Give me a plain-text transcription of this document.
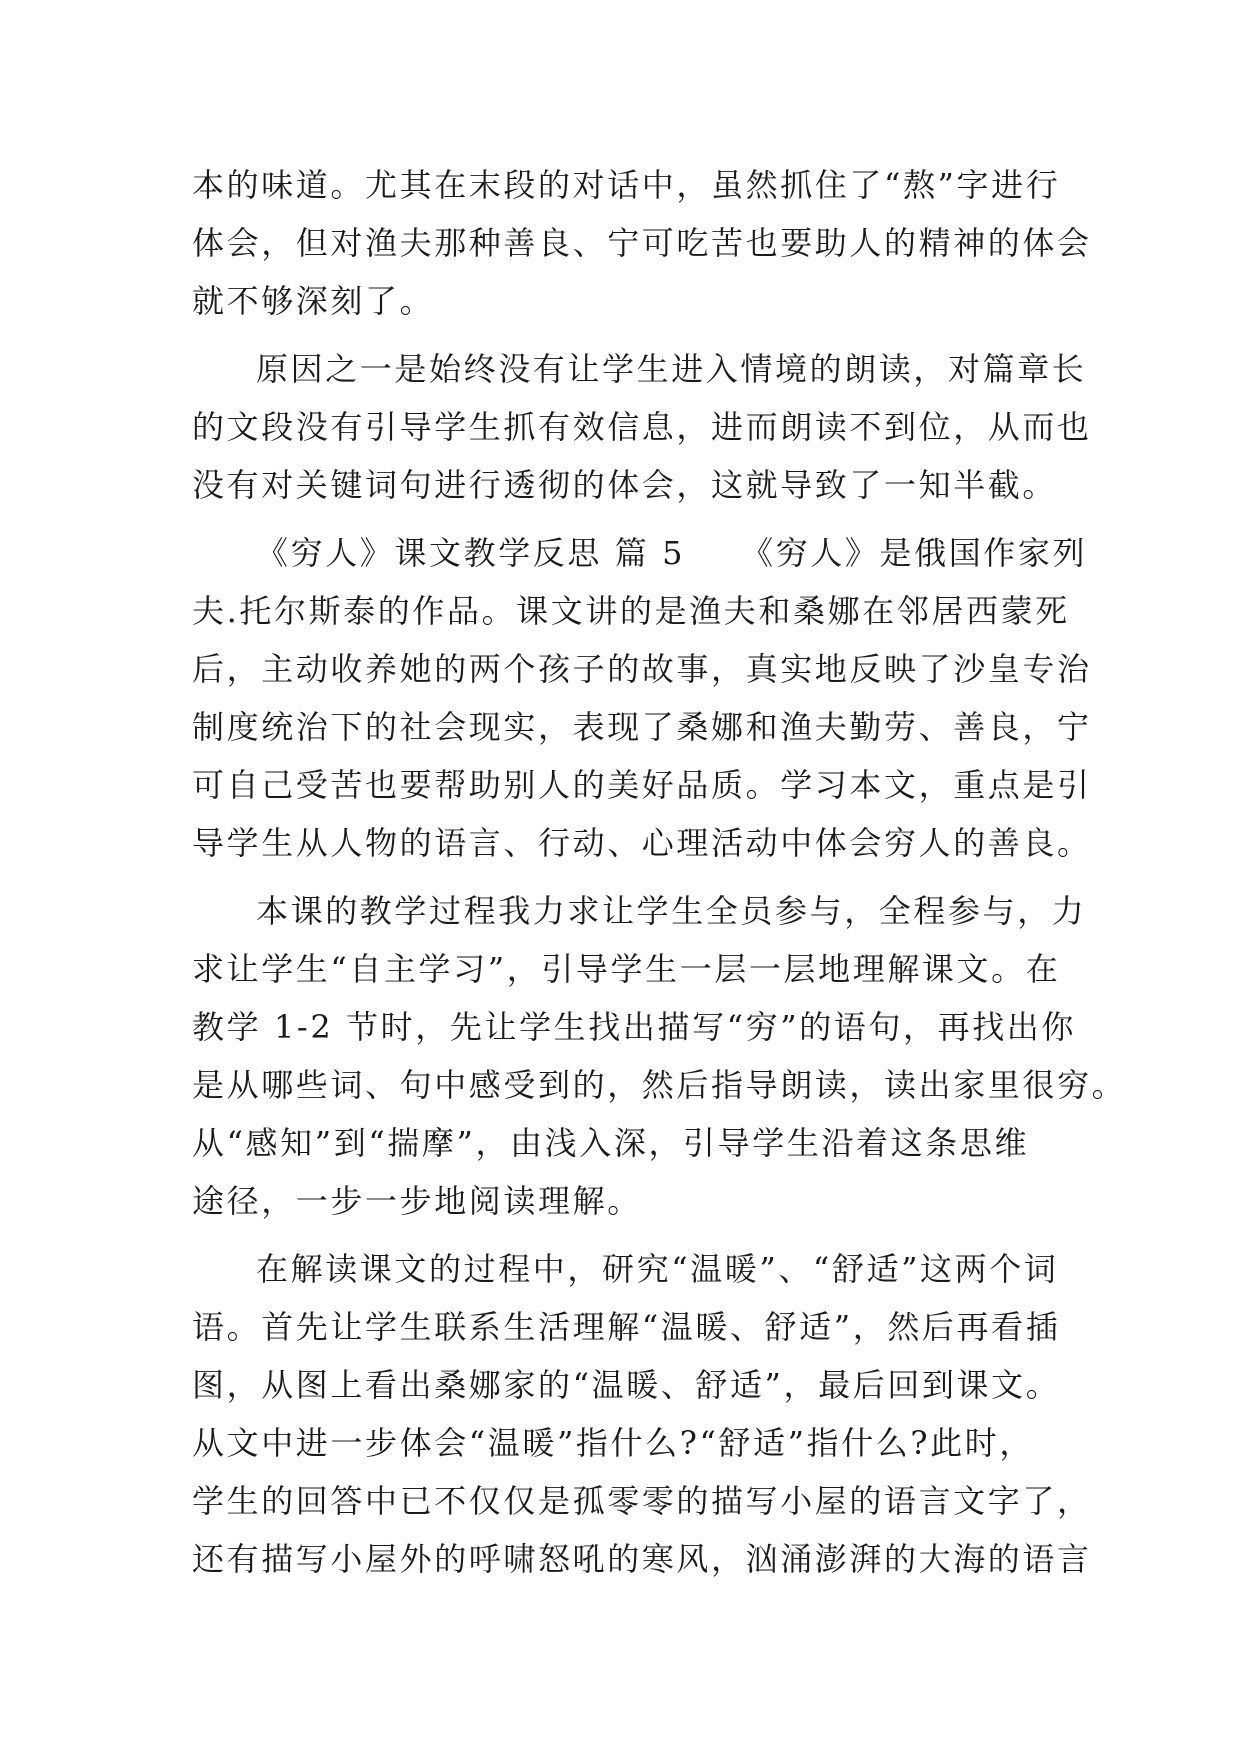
本的味道。尤其在末段的对话中，虽然抓住了“熬”字进行
体会，但对渔夫那种善良、宁可吃苦也要助人的精神的体会
就不够深刻了。
原因之一是始终没有让学生进入情境的朗读，对篇章长
的文段没有引导学生抓有效信息，进而朗读不到位，从而也
没有对关键词句进行透彻的体会，这就导致了一知半截。
《穷人》课文教学反思 篇 5 《穷人》是俄国作家列
夫.托尔斯泰的作品。课文讲的是渔夫和桑娜在邻居西蒙死
后，主动收养她的两个孩子的故事，真实地反映了沙皇专治
制度统治下的社会现实，表现了桑娜和渔夫勤劳、善良，宁
可自己受苦也要帮助别人的美好品质。学习本文，重点是引
导学生从人物的语言、行动、心理活动中体会穷人的善良。
本课的教学过程我力求让学生全员参与，全程参与，力
求让学生“自主学习”，引导学生一层一层地理解课文。在
教学 1-2 节时，先让学生找出描写“穷”的语句，再找出你
是从哪些词、句中感受到的，然后指导朗读，读出家里很穷。
从“感知”到“揣摩”，由浅入深，引导学生沿着这条思维
途径，一步一步地阅读理解。
在解读课文的过程中，研究“温暖”、“舒适”这两个词
语。首先让学生联系生活理解“温暖、舒适”，然后再看插
图，从图上看出桑娜家的“温暖、舒适”，最后回到课文。
从文中进一步体会“温暖”指什么?“舒适”指什么?此时，
学生的回答中已不仅仅是孤零零的描写小屋的语言文字了，
还有描写小屋外的呼啸怒吼的寒风，汹涌澎湃的大海的语言
